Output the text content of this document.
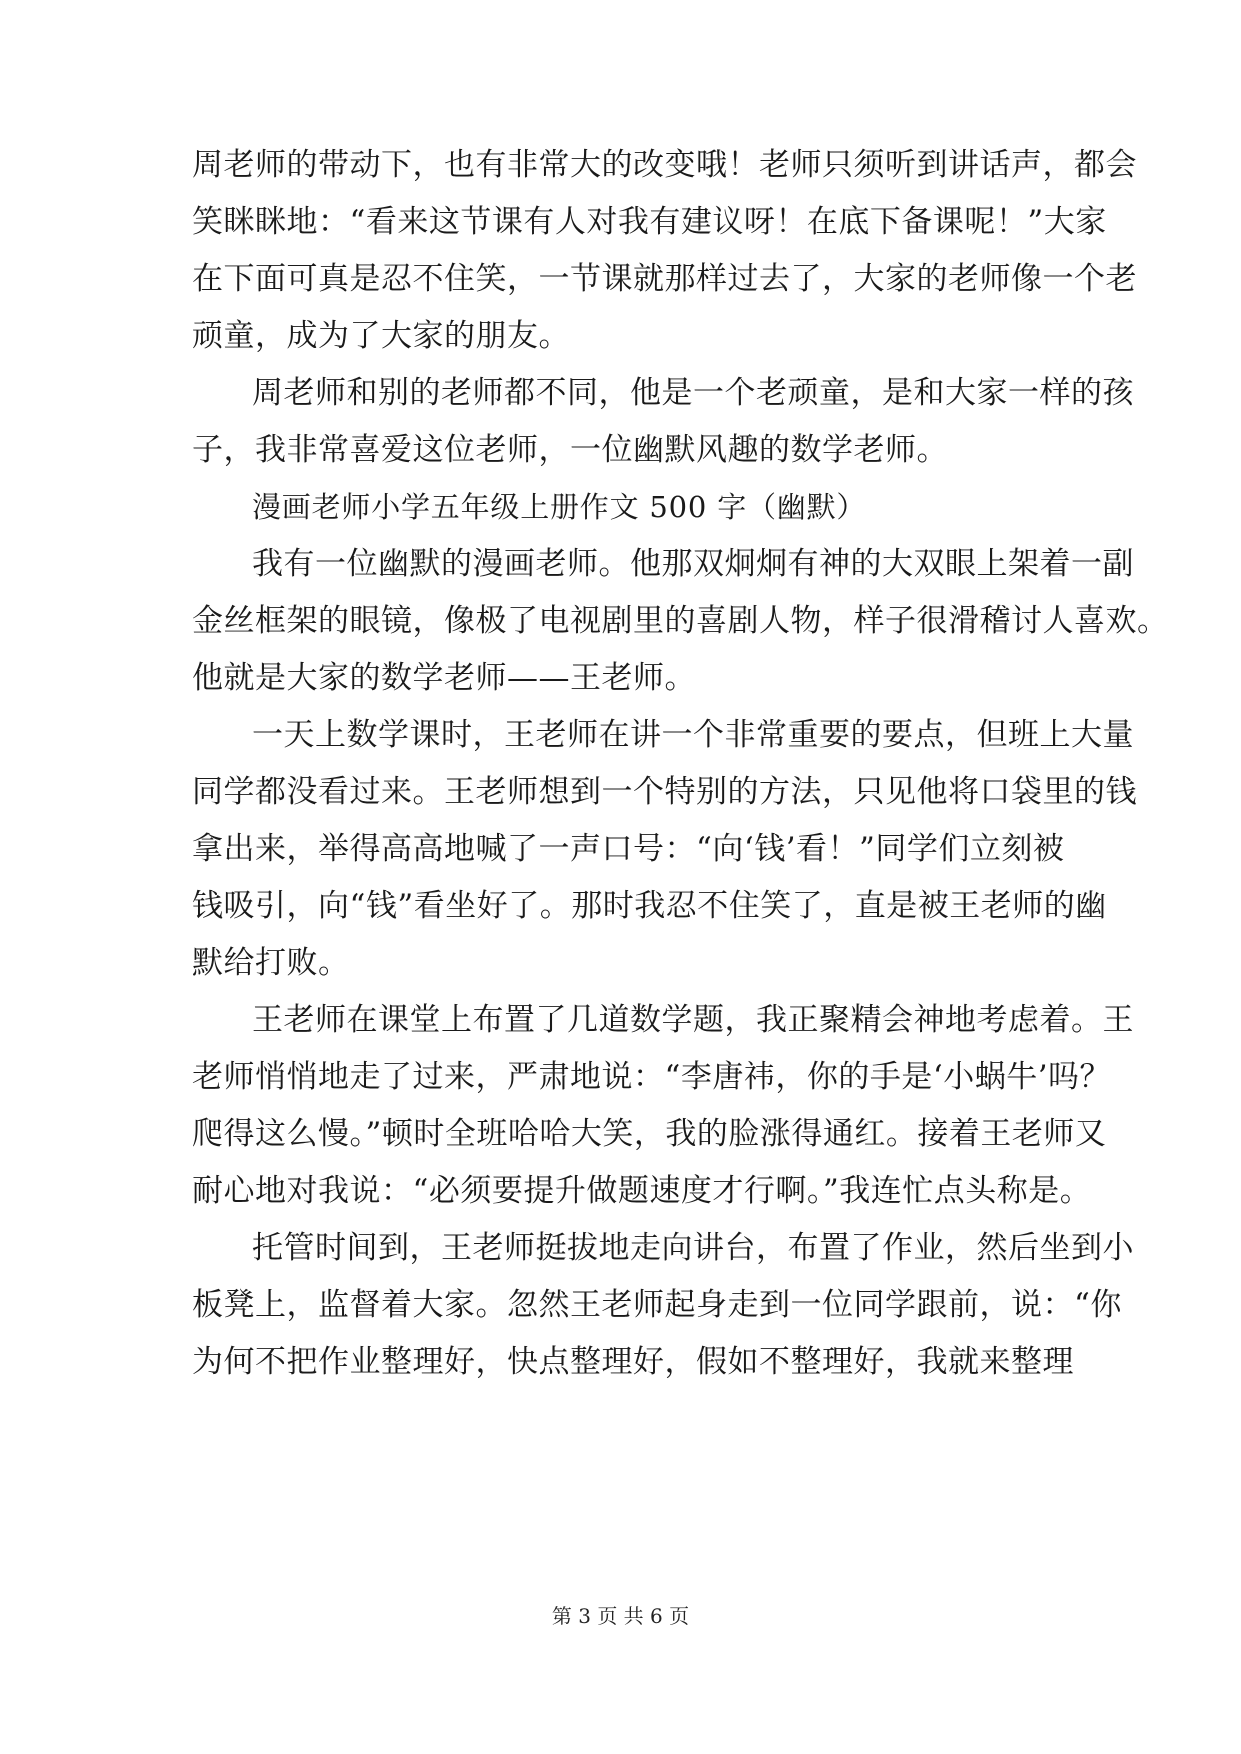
周老师的带动下，也有非常大的改变哦！老师只须听到讲话声，都会
笑眯眯地：“看来这节课有人对我有建议呀！在底下备课呢！”大家
在下面可真是忍不住笑，一节课就那样过去了，大家的老师像一个老
顽童，成为了大家的朋友。
周老师和别的老师都不同，他是一个老顽童，是和大家一样的孩
子，我非常喜爱这位老师，一位幽默风趣的数学老师。
漫画老师小学五年级上册作文 500 字（幽默）
我有一位幽默的漫画老师。他那双炯炯有神的大双眼上架着一副
金丝框架的眼镜，像极了电视剧里的喜剧人物，样子很滑稽讨人喜欢。
他就是大家的数学老师——王老师。
一天上数学课时，王老师在讲一个非常重要的要点，但班上大量
同学都没看过来。王老师想到一个特别的方法，只见他将口袋里的钱
拿出来，举得高高地喊了一声口号：“向‘钱’看！”同学们立刻被
钱吸引，向“钱”看坐好了。那时我忍不住笑了，直是被王老师的幽
默给打败。
王老师在课堂上布置了几道数学题，我正聚精会神地考虑着。王
老师悄悄地走了过来，严肃地说：“李唐祎，你的手是‘小蜗牛’吗？
爬得这么慢。”顿时全班哈哈大笑，我的脸涨得通红。接着王老师又
耐心地对我说：“必须要提升做题速度才行啊。”我连忙点头称是。
托管时间到，王老师挺拔地走向讲台，布置了作业，然后坐到小
板凳上，监督着大家。忽然王老师起身走到一位同学跟前，说：“你
为何不把作业整理好，快点整理好，假如不整理好，我就来整理
第 3 页 共 6 页
